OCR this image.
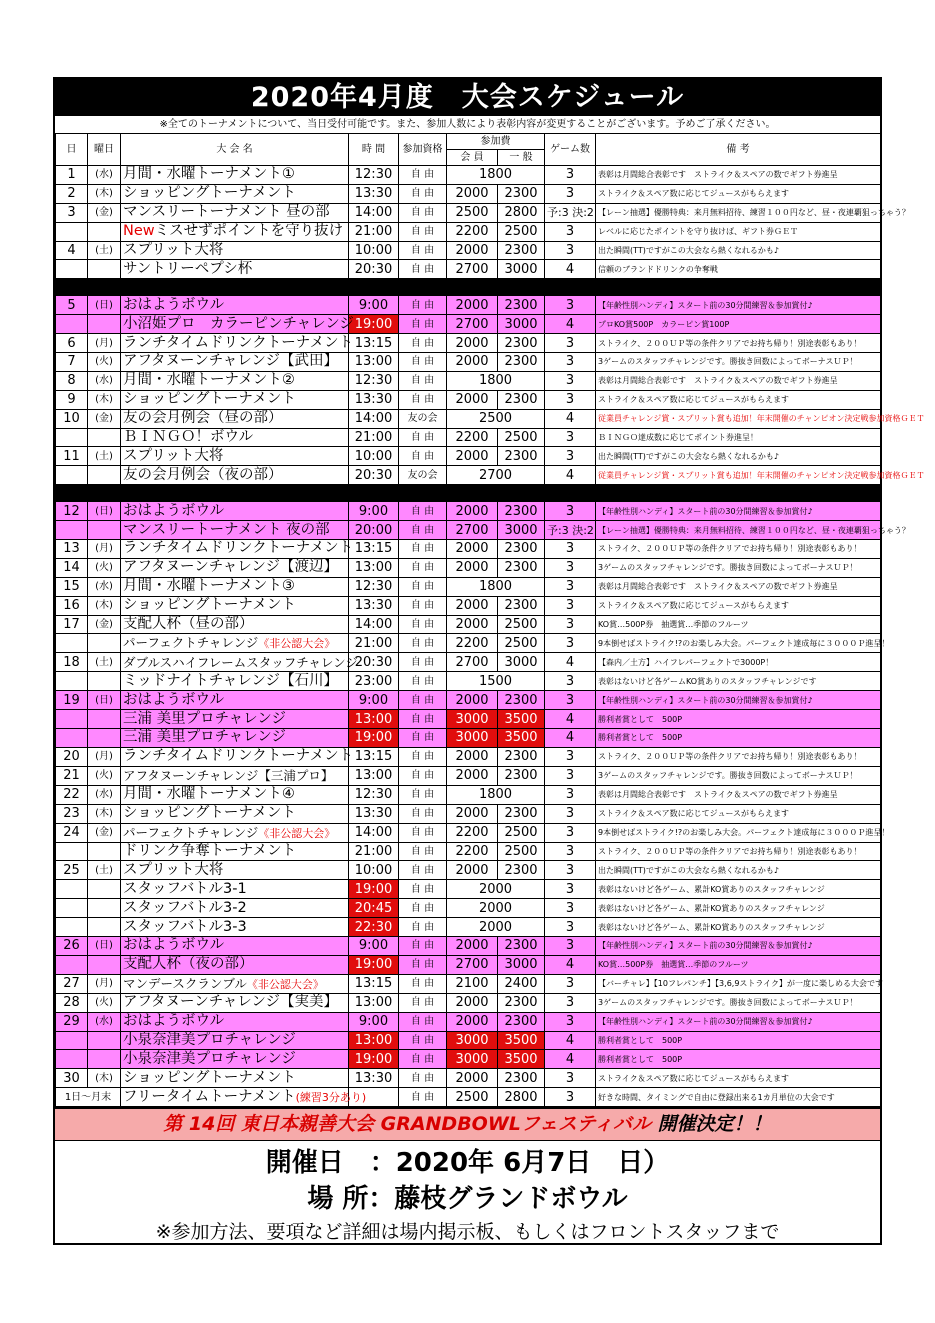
2020年4月度　大会スケジュール
※全てのトーナメントについて、当日受付可能です。また、参加人数により表彰内容が変更することがございます。予めご了承ください。
日	曜日	大 会 名	時 間	参加資格	参加費		ゲーム数	備 考
					会 員	一 般		
1	(水)	月間・水曜トーナメント①	12:30	自 由	1800		3	表彰は月間総合表彰です　ストライク＆スペアの数でギフト券進呈
2	(木)	ショッピングトーナメント	13:30	自 由	2000	2300	3	ストライク＆スペア数に応じてジュースがもらえます
3	(金)	マンスリートーナメント 昼の部	14:00	自 由	2500	2800	予:3 決:2	【レーン抽選】優勝特典：来月無料招待、練習１００円など、昼・夜連覇狙っちゃう？
		Newミスせずポイントを守り抜け	21:00	自 由	2200	2500	3	レベルに応じたポイントを守り抜けば、ギフト券ＧＥＴ
4	(土)	スプリット大将	10:00	自 由	2000	2300	3	出た瞬間(TT)ですがこの大会なら熱くなれるかも♪
		サントリーペプシ杯	20:30	自 由	2700	3000	4	信頼のブランドドリンクの争奪戦

5	(日)	おはようボウル	9:00	自 由	2000	2300	3	【年齢性別ハンディ】スタート前の30分間練習＆参加賞付♪
		小沼姫プロ　カラーピンチャレンジ	19:00	自 由	2700	3000	4	プロKO賞500P　カラーピン賞100P
6	(月)	ランチタイムドリンクトーナメント	13:15	自 由	2000	2300	3	ストライク、２００ＵＰ等の条件クリアでお持ち帰り！別途表彰もあり！
7	(火)	アフタヌーンチャレンジ【武田】	13:00	自 由	2000	2300	3	3ゲームのスタッフチャレンジです。勝抜き回数によってボーナスＵＰ！
8	(水)	月間・水曜トーナメント②	12:30	自 由	1800		3	表彰は月間総合表彰です　ストライク＆スペアの数でギフト券進呈
9	(木)	ショッピングトーナメント	13:30	自 由	2000	2300	3	ストライク＆スペア数に応じてジュースがもらえます
10	(金)	友の会月例会（昼の部）	14:00	友の会	2500		4	従業員チャレンジ賞・スプリット賞も追加！年末開催のチャンピオン決定戦参加資格ＧＥＴ
		ＢＩＮＧＯ！ボウル	21:00	自 由	2200	2500	3	ＢＩＮＧＯ達成数に応じてポイント券進呈！
11	(土)	スプリット大将	10:00	自 由	2000	2300	3	出た瞬間(TT)ですがこの大会なら熱くなれるかも♪
		友の会月例会（夜の部）	20:30	友の会	2700		4	従業員チャレンジ賞・スプリット賞も追加！年末開催のチャンピオン決定戦参加資格ＧＥＴ

12	(日)	おはようボウル	9:00	自 由	2000	2300	3	【年齢性別ハンディ】スタート前の30分間練習＆参加賞付♪
		マンスリートーナメント 夜の部	20:00	自 由	2700	3000	予:3 決:2	【レーン抽選】優勝特典：来月無料招待、練習１００円など、昼・夜連覇狙っちゃう？
13	(月)	ランチタイムドリンクトーナメント	13:15	自 由	2000	2300	3	ストライク、２００ＵＰ等の条件クリアでお持ち帰り！別途表彰もあり！
14	(火)	アフタヌーンチャレンジ【渡辺】	13:00	自 由	2000	2300	3	3ゲームのスタッフチャレンジです。勝抜き回数によってボーナスＵＰ！
15	(水)	月間・水曜トーナメント③	12:30	自 由	1800		3	表彰は月間総合表彰です　ストライク＆スペアの数でギフト券進呈
16	(木)	ショッピングトーナメント	13:30	自 由	2000	2300	3	ストライク＆スペア数に応じてジュースがもらえます
17	(金)	支配人杯（昼の部）	14:00	自 由	2000	2500	3	KO賞…500P券　抽選賞…季節のフルーツ
		パーフェクトチャレンジ《非公認大会》	21:00	自 由	2200	2500	3	9本倒せばストライク!?のお楽しみ大会。パーフェクト達成毎に３０００Ｐ進呈！
18	(土)	ダブルスハイフレームスタッフチャレンジ	20:30	自 由	2700	3000	4	【森内／土方】ハイフレパーフェクトで3000P！
		ミッドナイトチャレンジ【石川】	23:00	自 由	1500		3	表彰はないけど各ゲームKO賞ありのスタッフチャレンジです
19	(日)	おはようボウル	9:00	自 由	2000	2300	3	【年齢性別ハンディ】スタート前の30分間練習＆参加賞付♪
		三浦 美里プロチャレンジ	13:00	自 由	3000	3500	4	勝利者賞として　500P
		三浦 美里プロチャレンジ	19:00	自 由	3000	3500	4	勝利者賞として　500P
20	(月)	ランチタイムドリンクトーナメント	13:15	自 由	2000	2300	3	ストライク、２００ＵＰ等の条件クリアでお持ち帰り！別途表彰もあり！
21	(火)	アフタヌーンチャレンジ【三浦プロ】	13:00	自 由	2000	2300	3	3ゲームのスタッフチャレンジです。勝抜き回数によってボーナスＵＰ！
22	(水)	月間・水曜トーナメント④	12:30	自 由	1800		3	表彰は月間総合表彰です　ストライク＆スペアの数でギフト券進呈
23	(木)	ショッピングトーナメント	13:30	自 由	2000	2300	3	ストライク＆スペア数に応じてジュースがもらえます
24	(金)	パーフェクトチャレンジ《非公認大会》	14:00	自 由	2200	2500	3	9本倒せばストライク!?のお楽しみ大会。パーフェクト達成毎に３０００Ｐ進呈！
		ドリンク争奪トーナメント	21:00	自 由	2200	2500	3	ストライク、２００ＵＰ等の条件クリアでお持ち帰り！別途表彰もあり！
25	(土)	スプリット大将	10:00	自 由	2000	2300	3	出た瞬間(TT)ですがこの大会なら熱くなれるかも♪
		スタッフバトル3-1	19:00	自 由	2000		3	表彰はないけど各ゲーム、累計KO賞ありのスタッフチャレンジ
		スタッフバトル3-2	20:45	自 由	2000		3	表彰はないけど各ゲーム、累計KO賞ありのスタッフチャレンジ
		スタッフバトル3-3	22:30	自 由	2000		3	表彰はないけど各ゲーム、累計KO賞ありのスタッフチャレンジ
26	(日)	おはようボウル	9:00	自 由	2000	2300	3	【年齢性別ハンディ】スタート前の30分間練習＆参加賞付♪
		支配人杯（夜の部）	19:00	自 由	2700	3000	4	KO賞…500P券　抽選賞…季節のフルーツ
27	(月)	マンデースクランブル《非公認大会》	13:15	自 由	2100	2400	3	【バーチャレ】【10フレパンチ】【3,6,9ストライク】が一度に楽しめる大会です
28	(火)	アフタヌーンチャレンジ【実美】	13:00	自 由	2000	2300	3	3ゲームのスタッフチャレンジです。勝抜き回数によってボーナスＵＰ！
29	(水)	おはようボウル	9:00	自 由	2000	2300	3	【年齢性別ハンディ】スタート前の30分間練習＆参加賞付♪
		小泉奈津美プロチャレンジ	13:00	自 由	3000	3500	4	勝利者賞として　500P
		小泉奈津美プロチャレンジ	19:00	自 由	3000	3500	4	勝利者賞として　500P
30	(木)	ショッピングトーナメント	13:30	自 由	2000	2300	3	ストライク＆スペア数に応じてジュースがもらえます
1日～月末		フリータイムトーナメント(練習3分あり)		自 由	2500	2800	3	好きな時間、タイミングで自由に登録出来る1カ月単位の大会です
第 14回 東日本親善大会 GRANDBOWLフェスティバル 開催決定！！
開催日　：2020年 6月7日　日）
場 所：藤枝グランドボウル
※参加方法、要項など詳細は場内掲示板、もしくはフロントスタッフまで
